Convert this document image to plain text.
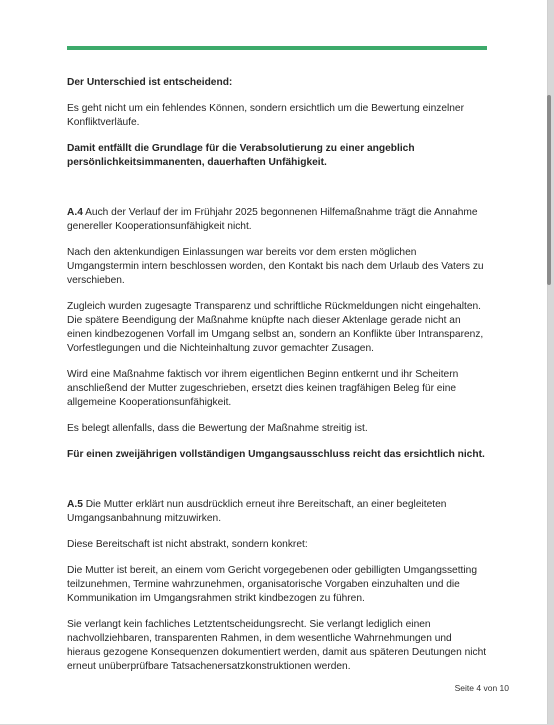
Der Unterschied ist entscheidend:

Es geht nicht um ein fehlendes Können, sondern ersichtlich um die Bewertung einzelner Konfliktverläufe.

Damit entfällt die Grundlage für die Verabsolutierung zu einer angeblich persönlichkeitsimmanenten, dauerhaften Unfähigkeit.

A.4 Auch der Verlauf der im Frühjahr 2025 begonnenen Hilfemaßnahme trägt die Annahme genereller Kooperationsunfähigkeit nicht.

Nach den aktenkundigen Einlassungen war bereits vor dem ersten möglichen Umgangstermin intern beschlossen worden, den Kontakt bis nach dem Urlaub des Vaters zu verschieben.

Zugleich wurden zugesagte Transparenz und schriftliche Rückmeldungen nicht eingehalten. Die spätere Beendigung der Maßnahme knüpfte nach dieser Aktenlage gerade nicht an einen kindbezogenen Vorfall im Umgang selbst an, sondern an Konflikte über Intransparenz, Vorfestlegungen und die Nichteinhaltung zuvor gemachter Zusagen.

Wird eine Maßnahme faktisch vor ihrem eigentlichen Beginn entkernt und ihr Scheitern anschließend der Mutter zugeschrieben, ersetzt dies keinen tragfähigen Beleg für eine allgemeine Kooperationsunfähigkeit.

Es belegt allenfalls, dass die Bewertung der Maßnahme streitig ist.

Für einen zweijährigen vollständigen Umgangsausschluss reicht das ersichtlich nicht.

A.5 Die Mutter erklärt nun ausdrücklich erneut ihre Bereitschaft, an einer begleiteten Umgangsanbahnung mitzuwirken.

Diese Bereitschaft ist nicht abstrakt, sondern konkret:

Die Mutter ist bereit, an einem vom Gericht vorgegebenen oder gebilligten Umgangssetting teilzunehmen, Termine wahrzunehmen, organisatorische Vorgaben einzuhalten und die Kommunikation im Umgangsrahmen strikt kindbezogen zu führen.

Sie verlangt kein fachliches Letztentscheidungsrecht. Sie verlangt lediglich einen nachvollziehbaren, transparenten Rahmen, in dem wesentliche Wahrnehmungen und hieraus gezogene Konsequenzen dokumentiert werden, damit aus späteren Deutungen nicht erneut unüberprüfbare Tatsachenersatzkonstruktionen werden.

Seite 4 von 10
